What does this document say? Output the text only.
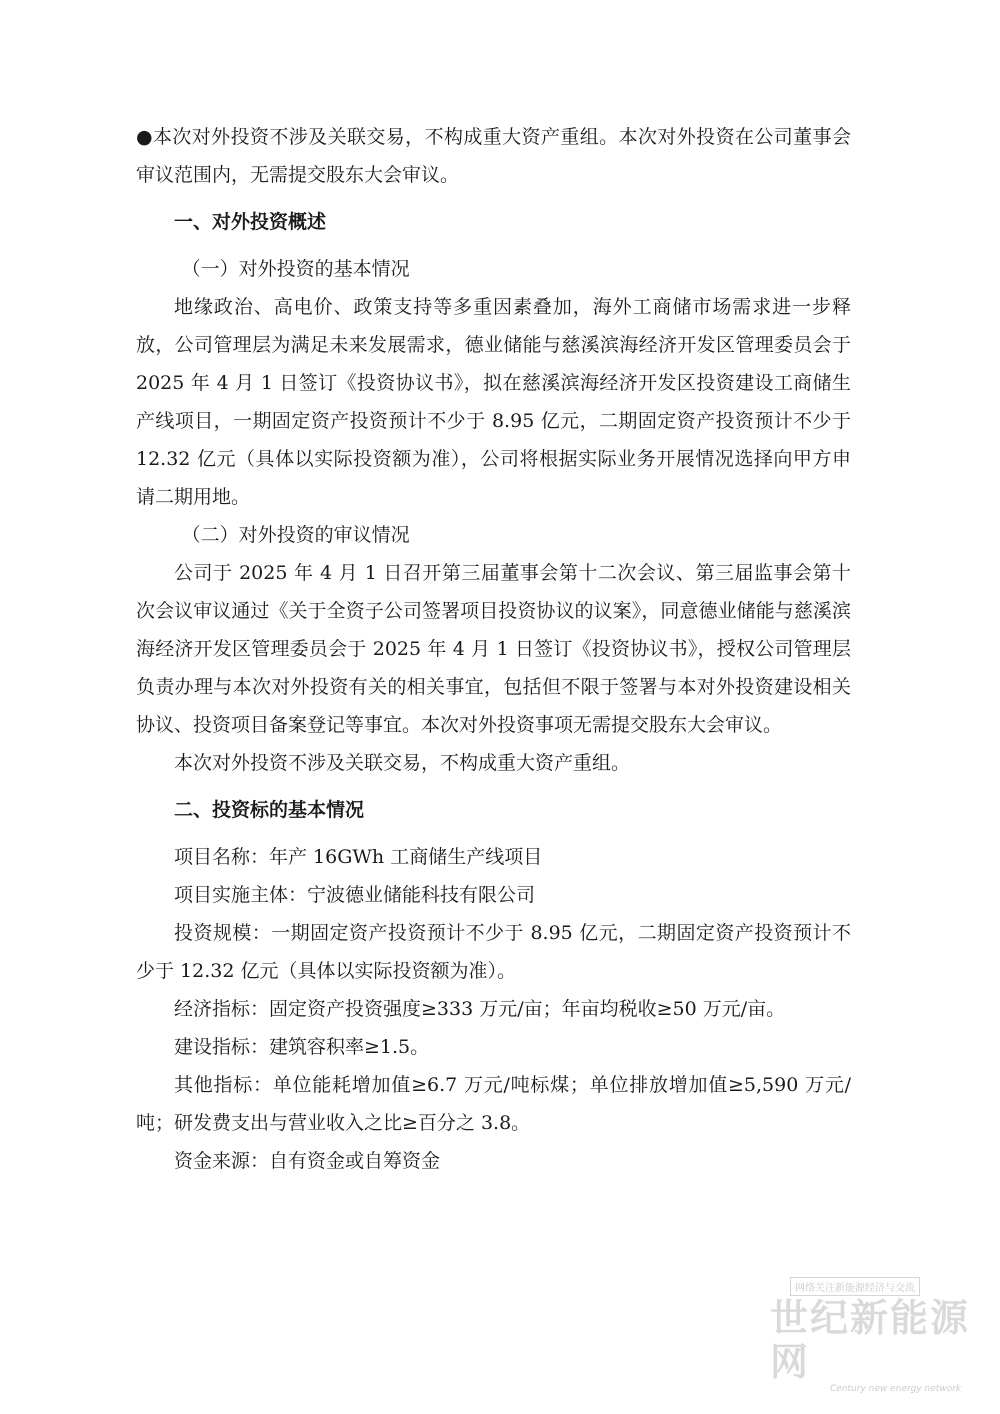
●本次对外投资不涉及关联交易，不构成重大资产重组。本次对外投资在公司董事会审议范围内，无需提交股东大会审议。

一、对外投资概述
（一）对外投资的基本情况

地缘政治、高电价、政策支持等多重因素叠加，海外工商储市场需求进一步释放，公司管理层为满足未来发展需求，德业储能与慈溪滨海经济开发区管理委员会于 2025 年 4 月 1 日签订《投资协议书》，拟在慈溪滨海经济开发区投资建设工商储生产线项目，一期固定资产投资预计不少于 8.95 亿元，二期固定资产投资预计不少于 12.32 亿元（具体以实际投资额为准），公司将根据实际业务开展情况选择向甲方申请二期用地。

（二）对外投资的审议情况

公司于 2025 年 4 月 1 日召开第三届董事会第十二次会议、第三届监事会第十次会议审议通过《关于全资子公司签署项目投资协议的议案》，同意德业储能与慈溪滨海经济开发区管理委员会于 2025 年 4 月 1 日签订《投资协议书》，授权公司管理层负责办理与本次对外投资有关的相关事宜，包括但不限于签署与本对外投资建设相关协议、投资项目备案登记等事宜。本次对外投资事项无需提交股东大会审议。

本次对外投资不涉及关联交易，不构成重大资产重组。

二、投资标的基本情况

项目名称：年产 16GWh 工商储生产线项目

项目实施主体：宁波德业储能科技有限公司

投资规模：一期固定资产投资预计不少于 8.95 亿元，二期固定资产投资预计不少于 12.32 亿元（具体以实际投资额为准）。

经济指标：固定资产投资强度≥333 万元/亩；年亩均税收≥50 万元/亩。

建设指标：建筑容积率≥1.5。

其他指标：单位能耗增加值≥6.7 万元/吨标煤；单位排放增加值≥5,590 万元/吨；研发费支出与营业收入之比≥百分之 3.8。

资金来源：自有资金或自筹资金

网络关注新能源经济与交流
世纪新能源网
Century new energy network
